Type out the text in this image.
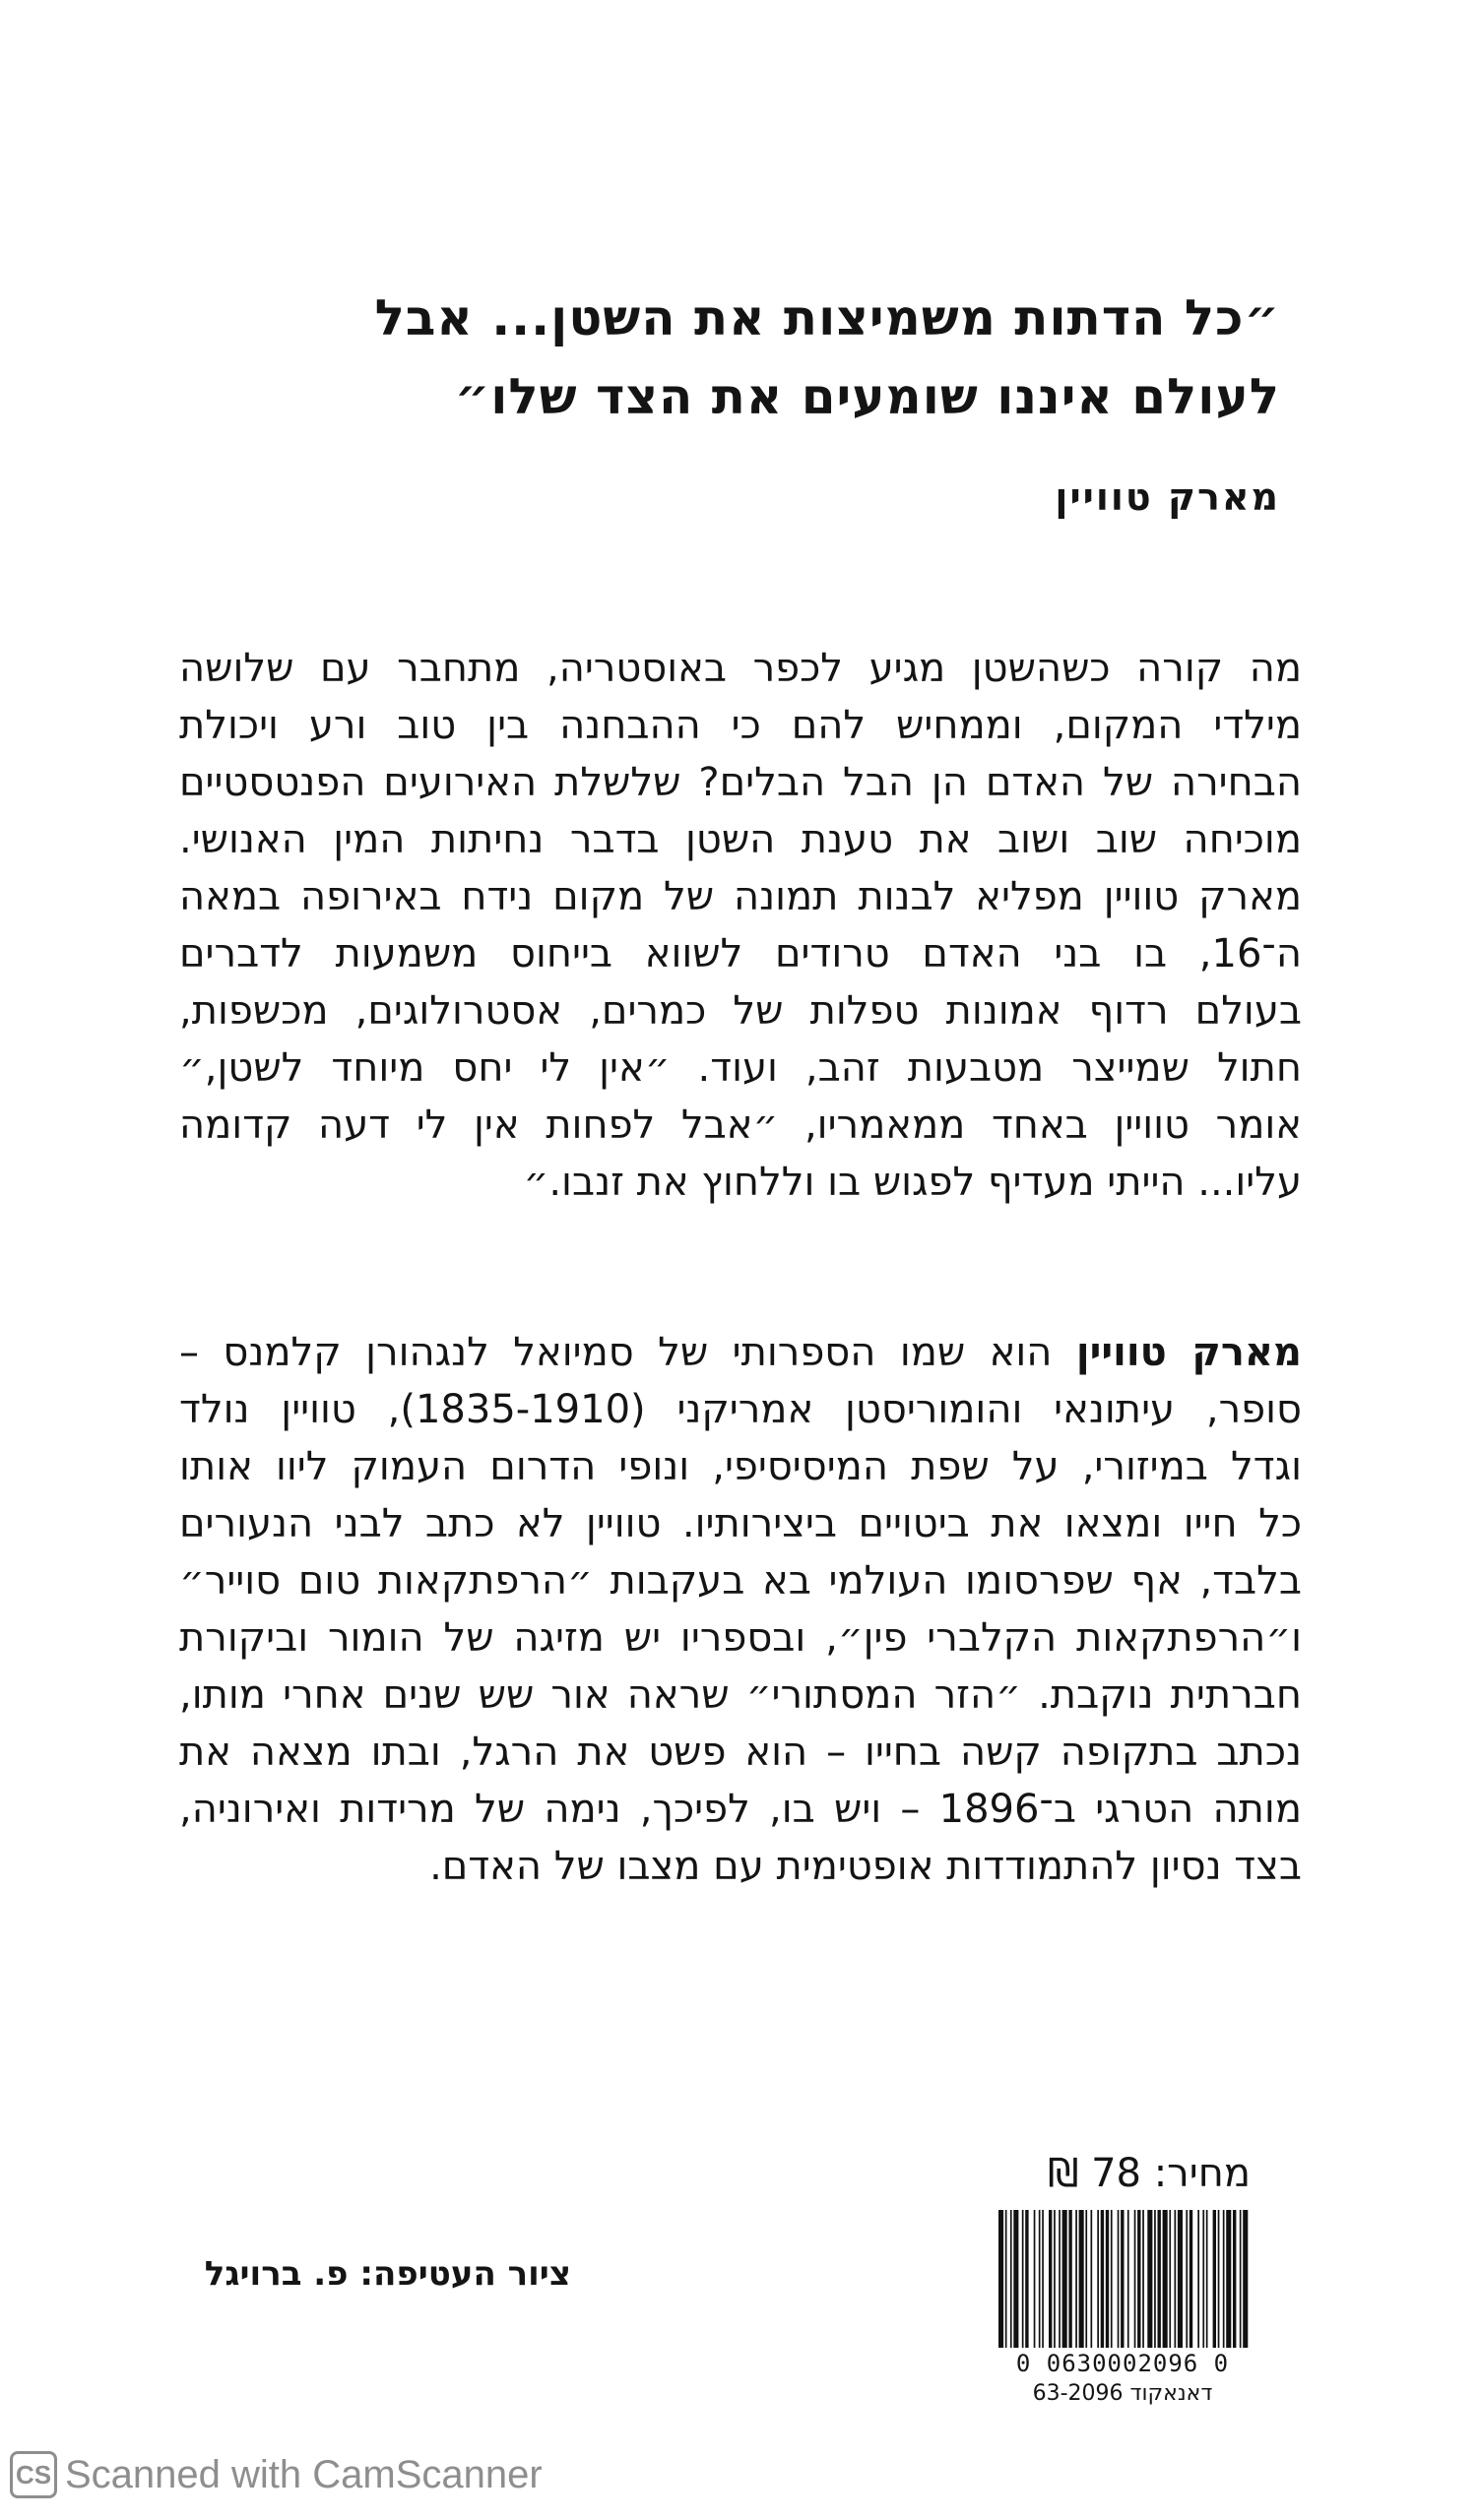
״כל הדתות משמיצות את השטן... אבל
לעולם איננו שומעים את הצד שלו״
מארק טוויין
מה קורה כשהשטן מגיע לכפר באוסטריה, מתחבר עם שלושה
מילדי המקום, וממחיש להם כי ההבחנה בין טוב ורע ויכולת
הבחירה של האדם הן הבל הבלים? שלשלת האירועים הפנטסטיים
מוכיחה שוב ושוב את טענת השטן בדבר נחיתות המין האנושי.
מארק טוויין מפליא לבנות תמונה של מקום נידח באירופה במאה
ה־16, בו בני האדם טרודים לשווא בייחוס משמעות לדברים
בעולם רדוף אמונות טפלות של כמרים, אסטרולוגים, מכשפות,
חתול שמייצר מטבעות זהב, ועוד. ״אין לי יחס מיוחד לשטן,״
אומר טוויין באחד ממאמריו, ״אבל לפחות אין לי דעה קדומה
עליו... הייתי מעדיף לפגוש בו וללחוץ את זנבו.״
מארק טוויין הוא שמו הספרותי של סמיואל לנגהורן קלמנס –
סופר, עיתונאי והומוריסטן אמריקני (1835-1910), טוויין נולד
וגדל במיזורי, על שפת המיסיסיפי, ונופי הדרום העמוק ליוו אותו
כל חייו ומצאו את ביטויים ביצירותיו. טוויין לא כתב לבני הנעורים
בלבד, אף שפרסומו העולמי בא בעקבות ״הרפתקאות טום סוייר״
ו״הרפתקאות הקלברי פין״, ובספריו יש מזיגה של הומור וביקורת
חברתית נוקבת. ״הזר המסתורי״ שראה אור שש שנים אחרי מותו,
נכתב בתקופה קשה בחייו – הוא פשט את הרגל, ובתו מצאה את
מותה הטרגי ב־1896 – ויש בו, לפיכך, נימה של מרידות ואירוניה,
בצד נסיון להתמודדות אופטימית עם מצבו של האדם.
מחיר: 78 ₪
0 0630002096 0
דאנאקוד 63-2096
ציור העטיפה: פ. ברויגל
CS Scanned with CamScanner
